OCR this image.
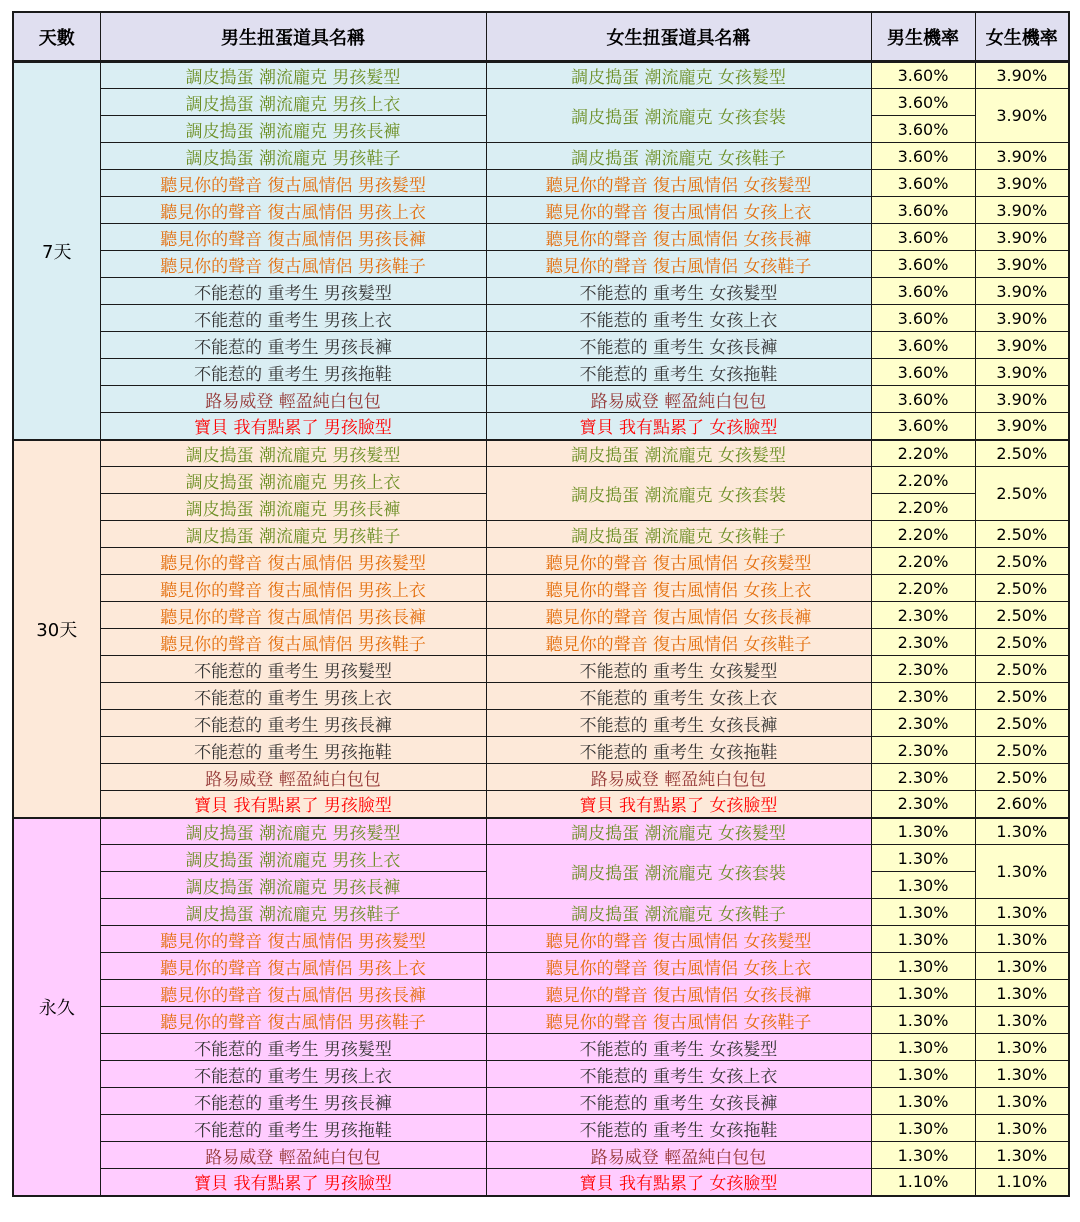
天數	男生扭蛋道具名稱	女生扭蛋道具名稱	男生機率	女生機率
7天	調皮搗蛋 潮流龐克 男孩髮型	調皮搗蛋 潮流龐克 女孩髮型	3.60%	3.90%
	調皮搗蛋 潮流龐克 男孩上衣	調皮搗蛋 潮流龐克 女孩套裝	3.60%	3.90%
	調皮搗蛋 潮流龐克 男孩長褲		3.60%	
	調皮搗蛋 潮流龐克 男孩鞋子	調皮搗蛋 潮流龐克 女孩鞋子	3.60%	3.90%
	聽見你的聲音 復古風情侶 男孩髮型	聽見你的聲音 復古風情侶 女孩髮型	3.60%	3.90%
	聽見你的聲音 復古風情侶 男孩上衣	聽見你的聲音 復古風情侶 女孩上衣	3.60%	3.90%
	聽見你的聲音 復古風情侶 男孩長褲	聽見你的聲音 復古風情侶 女孩長褲	3.60%	3.90%
	聽見你的聲音 復古風情侶 男孩鞋子	聽見你的聲音 復古風情侶 女孩鞋子	3.60%	3.90%
	不能惹的 重考生 男孩髮型	不能惹的 重考生 女孩髮型	3.60%	3.90%
	不能惹的 重考生 男孩上衣	不能惹的 重考生 女孩上衣	3.60%	3.90%
	不能惹的 重考生 男孩長褲	不能惹的 重考生 女孩長褲	3.60%	3.90%
	不能惹的 重考生 男孩拖鞋	不能惹的 重考生 女孩拖鞋	3.60%	3.90%
	路易威登 輕盈純白包包	路易威登 輕盈純白包包	3.60%	3.90%
	寶貝 我有點累了 男孩臉型	寶貝 我有點累了 女孩臉型	3.60%	3.90%
30天	調皮搗蛋 潮流龐克 男孩髮型	調皮搗蛋 潮流龐克 女孩髮型	2.20%	2.50%
	調皮搗蛋 潮流龐克 男孩上衣	調皮搗蛋 潮流龐克 女孩套裝	2.20%	2.50%
	調皮搗蛋 潮流龐克 男孩長褲		2.20%	
	調皮搗蛋 潮流龐克 男孩鞋子	調皮搗蛋 潮流龐克 女孩鞋子	2.20%	2.50%
	聽見你的聲音 復古風情侶 男孩髮型	聽見你的聲音 復古風情侶 女孩髮型	2.20%	2.50%
	聽見你的聲音 復古風情侶 男孩上衣	聽見你的聲音 復古風情侶 女孩上衣	2.20%	2.50%
	聽見你的聲音 復古風情侶 男孩長褲	聽見你的聲音 復古風情侶 女孩長褲	2.30%	2.50%
	聽見你的聲音 復古風情侶 男孩鞋子	聽見你的聲音 復古風情侶 女孩鞋子	2.30%	2.50%
	不能惹的 重考生 男孩髮型	不能惹的 重考生 女孩髮型	2.30%	2.50%
	不能惹的 重考生 男孩上衣	不能惹的 重考生 女孩上衣	2.30%	2.50%
	不能惹的 重考生 男孩長褲	不能惹的 重考生 女孩長褲	2.30%	2.50%
	不能惹的 重考生 男孩拖鞋	不能惹的 重考生 女孩拖鞋	2.30%	2.50%
	路易威登 輕盈純白包包	路易威登 輕盈純白包包	2.30%	2.50%
	寶貝 我有點累了 男孩臉型	寶貝 我有點累了 女孩臉型	2.30%	2.60%
永久	調皮搗蛋 潮流龐克 男孩髮型	調皮搗蛋 潮流龐克 女孩髮型	1.30%	1.30%
	調皮搗蛋 潮流龐克 男孩上衣	調皮搗蛋 潮流龐克 女孩套裝	1.30%	1.30%
	調皮搗蛋 潮流龐克 男孩長褲		1.30%	
	調皮搗蛋 潮流龐克 男孩鞋子	調皮搗蛋 潮流龐克 女孩鞋子	1.30%	1.30%
	聽見你的聲音 復古風情侶 男孩髮型	聽見你的聲音 復古風情侶 女孩髮型	1.30%	1.30%
	聽見你的聲音 復古風情侶 男孩上衣	聽見你的聲音 復古風情侶 女孩上衣	1.30%	1.30%
	聽見你的聲音 復古風情侶 男孩長褲	聽見你的聲音 復古風情侶 女孩長褲	1.30%	1.30%
	聽見你的聲音 復古風情侶 男孩鞋子	聽見你的聲音 復古風情侶 女孩鞋子	1.30%	1.30%
	不能惹的 重考生 男孩髮型	不能惹的 重考生 女孩髮型	1.30%	1.30%
	不能惹的 重考生 男孩上衣	不能惹的 重考生 女孩上衣	1.30%	1.30%
	不能惹的 重考生 男孩長褲	不能惹的 重考生 女孩長褲	1.30%	1.30%
	不能惹的 重考生 男孩拖鞋	不能惹的 重考生 女孩拖鞋	1.30%	1.30%
	路易威登 輕盈純白包包	路易威登 輕盈純白包包	1.30%	1.30%
	寶貝 我有點累了 男孩臉型	寶貝 我有點累了 女孩臉型	1.10%	1.10%
